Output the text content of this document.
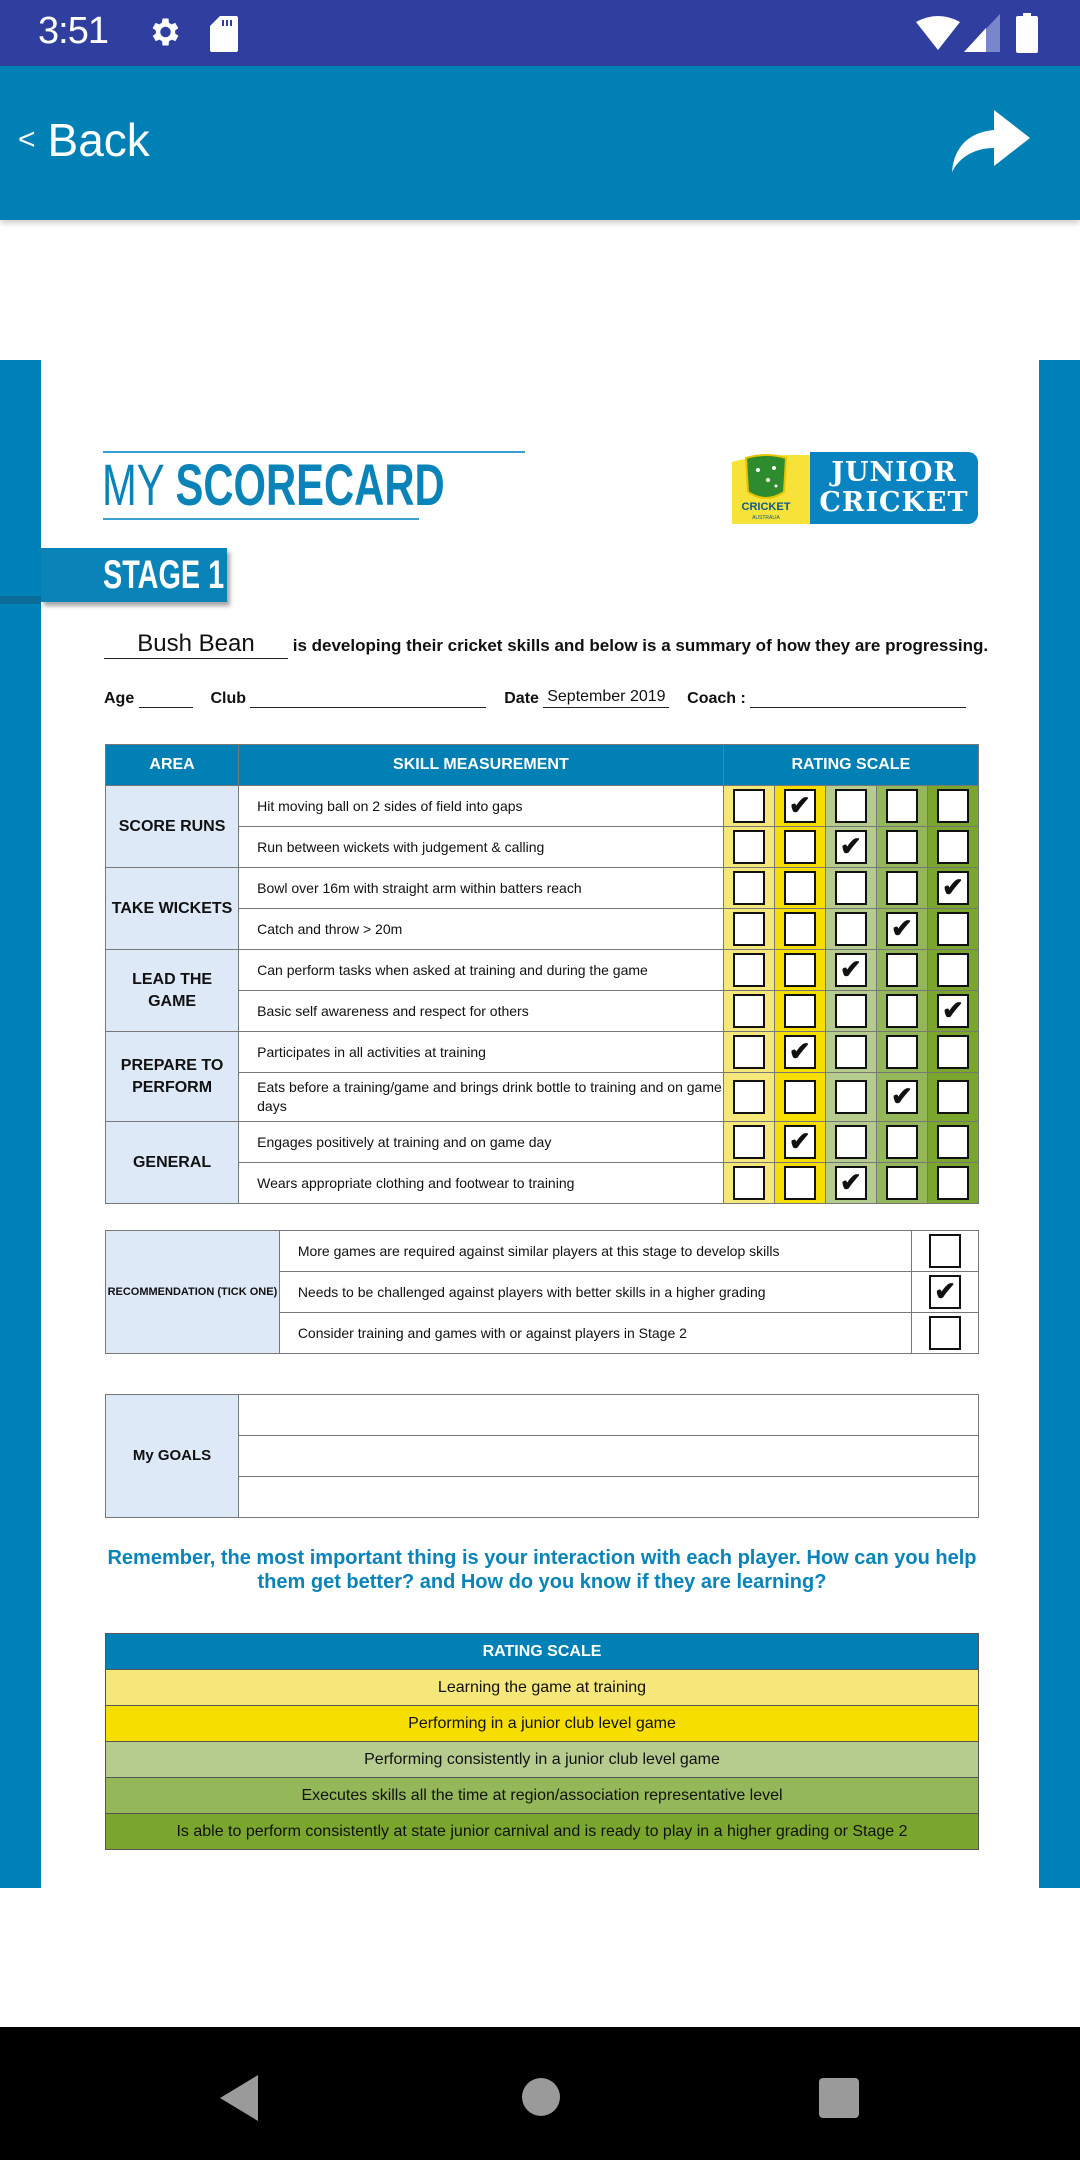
3:51
< Back
MY SCORECARD	CRICKET
AUSTRALIA
JUNIOR
CRICKET
STAGE 1
Bush Bean is developing their cricket skills and below is a summary of how they are progressing.
Age	Club	Date September 2019 Coach :
AREA	SKILL MEASUREMENT	RATING SCALE				
SCORE RUNS	Hit moving ball on 2 sides of field into gaps		✔			
	Run between wickets with judgement & calling			✔		
TAKE WICKETS	Bowl over 16m with straight arm within batters reach					✔
	Catch and throw > 20m				✔	
LEAD THE GAME	Can perform tasks when asked at training and during the game			✔		
	Basic self awareness and respect for others					✔
PREPARE TO PERFORM	Participates in all activities at training		✔			
	Eats before a training/game and brings drink bottle to training and on game days				✔	
GENERAL	Engages positively at training and on game day		✔			
	Wears appropriate clothing and footwear to training			✔		
RECOMMENDATION (TICK ONE)	More games are required against similar players at this stage to develop skills	
	Needs to be challenged against players with better skills in a higher grading	✔
	Consider training and games with or against players in Stage 2	
My GOALS	

Remember, the most important thing is your interaction with each player. How can you help them get better? and How do you know if they are learning?
RATING SCALE
Learning the game at training
Performing in a junior club level game
Performing consistently in a junior club level game
Executes skills all the time at region/association representative level
Is able to perform consistently at state junior carnival and is ready to play in a higher grading or Stage 2
